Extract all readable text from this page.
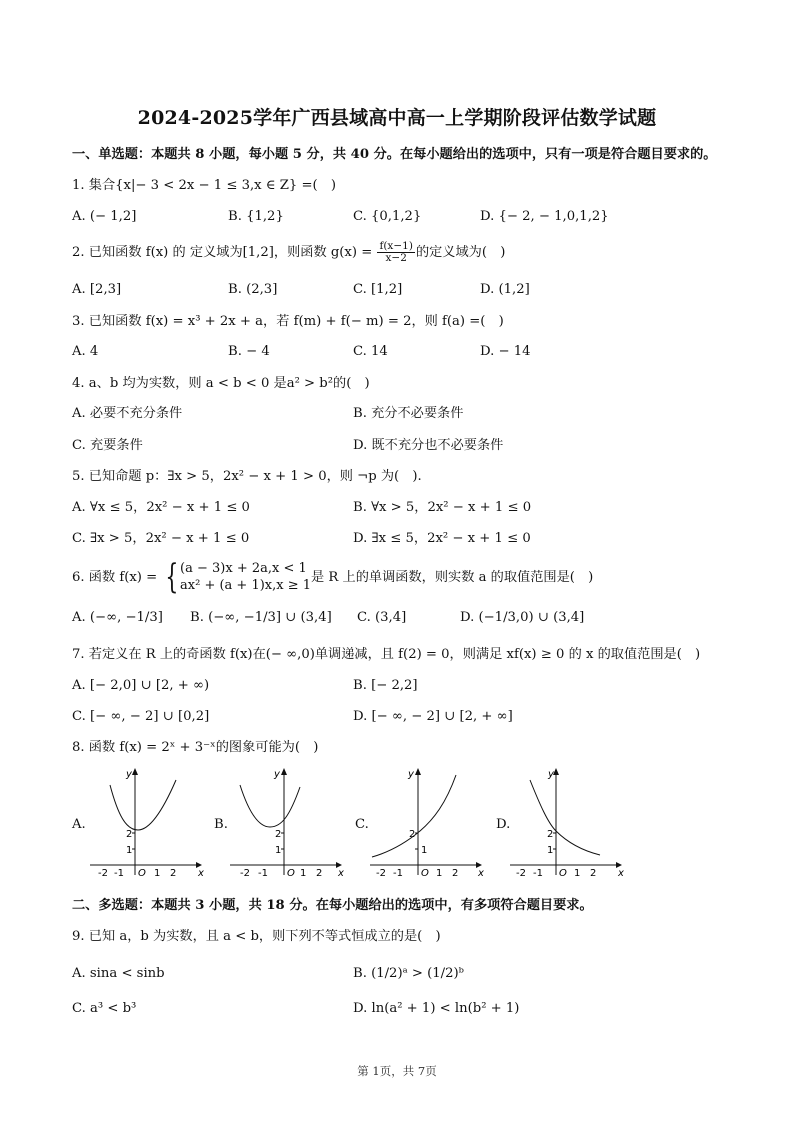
2024-2025学年广西县域高中高一上学期阶段评估数学试题
一、单选题：本题共 8 小题，每小题 5 分，共 40 分。在每小题给出的选项中，只有一项是符合题目要求的。
1. 集合{x|− 3 < 2x − 1 ≤ 3,x ∈ Z} =(　)
A. (− 1,2]	B. {1,2}	C. {0,1,2}	D. {− 2, − 1,0,1,2}
2. 已知函数 f(x) 的 定义域为[1,2]，则函数 $g(x) = \frac{f(x-1)}{x-2}$ 的定义域为(　)
A. [2,3]	B. (2,3]	C. [1,2]	D. (1,2]
3. 已知函数 f(x) = x³ + 2x + a，若 f(m) + f(− m) = 2，则 f(a) =(　)
A. 4	B. − 4	C. 14	D. − 14
4. a、b 均为实数，则 a < b < 0 是a² > b²的(　)
A. 必要不充分条件	B. 充分不必要条件
C. 充要条件	D. 既不充分也不必要条件
5. 已知命题 p：∃x > 5，2x² − x + 1 > 0，则 ¬p 为(　).
A. ∀x ≤ 5，2x² − x + 1 ≤ 0	B. ∀x > 5，2x² − x + 1 ≤ 0
C. ∃x > 5，2x² − x + 1 ≤ 0	D. ∃x ≤ 5，2x² − x + 1 ≤ 0
6. 函数 f(x) = { (a − 3)x + 2a,x < 1
ax² + (a + 1)x,x ≥ 1
是 R 上的单调函数，则实数 a 的取值范围是(　)
A. (−∞, −1/3] B. (−∞, −1/3] ∪ (3,4] C. (3,4]	D. (−1/3,0) ∪ (3,4]
7. 若定义在 R 上的奇函数 f(x)在(− ∞,0)单调递减，且 f(2) = 0，则满足 xf(x) ≥ 0 的 x 的取值范围是(　)
A. [− 2,0] ∪ [2, + ∞)	B. [− 2,2]
C. [− ∞, − 2] ∪ [0,2]	D. [− ∞, − 2] ∪ [2, + ∞]
8. 函数 f(x) = 2ˣ + 3⁻ˣ的图象可能为(　)
A.	B.	C.	D.
y
x
O
2
1
-2 -1	1 2
y
x
O
2
1
-2 -1	1 2
y
x
O
2
1
-2 -1	1 2
y
x
O
2
1
-2 -1	1 2
二、多选题：本题共 3 小题，共 18 分。在每小题给出的选项中，有多项符合题目要求。
9. 已知 a，b 为实数，且 a < b，则下列不等式恒成立的是(　)
A. sina < sinb	B. (1/2)ᵃ > (1/2)ᵇ
C. a³ < b³	D. ln(a² + 1) < ln(b² + 1)
第 1页，共 7页
